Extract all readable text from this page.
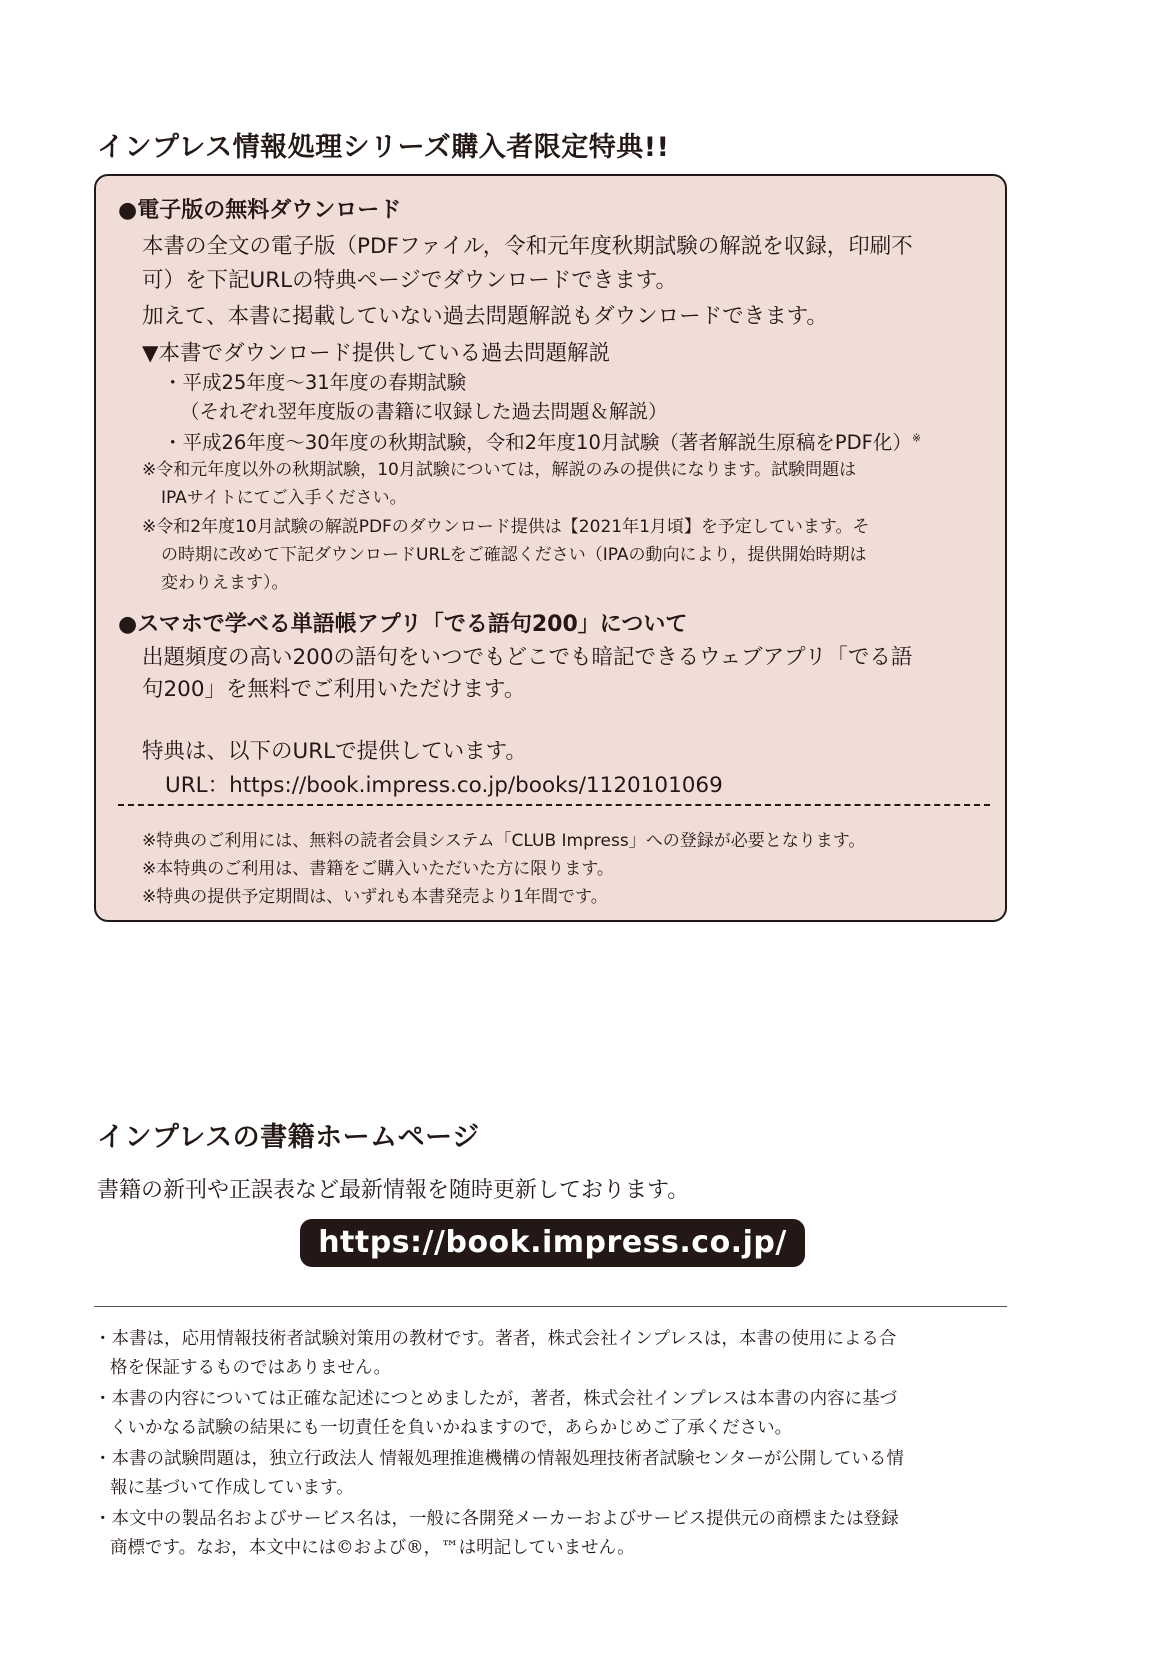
インプレス情報処理シリーズ購入者限定特典!!
●電子版の無料ダウンロード
本書の全文の電子版（PDFファイル，令和元年度秋期試験の解説を収録，印刷不
可）を下記URLの特典ページでダウンロードできます。
加えて、本書に掲載していない過去問題解説もダウンロードできます。
▼本書でダウンロード提供している過去問題解説
・平成25年度～31年度の春期試験
（それぞれ翌年度版の書籍に収録した過去問題＆解説）
・平成26年度～30年度の秋期試験，令和2年度10月試験（著者解説生原稿をPDF化）※
※令和元年度以外の秋期試験，10月試験については，解説のみの提供になります。試験問題は
IPAサイトにてご入手ください。
※令和2年度10月試験の解説PDFのダウンロード提供は【2021年1月頃】を予定しています。そ
の時期に改めて下記ダウンロードURLをご確認ください（IPAの動向により，提供開始時期は
変わりえます）。
●スマホで学べる単語帳アプリ「でる語句200」について
出題頻度の高い200の語句をいつでもどこでも暗記できるウェブアプリ「でる語
句200」を無料でご利用いただけます。
特典は、以下のURLで提供しています。
URL：https://book.impress.co.jp/books/1120101069
※特典のご利用には、無料の読者会員システム「CLUB Impress」への登録が必要となります。
※本特典のご利用は、書籍をご購入いただいた方に限ります。
※特典の提供予定期間は、いずれも本書発売より1年間です。
インプレスの書籍ホームページ
書籍の新刊や正誤表など最新情報を随時更新しております。
https://book.impress.co.jp/
・本書は，応用情報技術者試験対策用の教材です。著者，株式会社インプレスは，本書の使用による合
格を保証するものではありません。
・本書の内容については正確な記述につとめましたが，著者，株式会社インプレスは本書の内容に基づ
くいかなる試験の結果にも一切責任を負いかねますので，あらかじめご了承ください。
・本書の試験問題は，独立行政法人 情報処理推進機構の情報処理技術者試験センターが公開している情
報に基づいて作成しています。
・本文中の製品名およびサービス名は，一般に各開発メーカーおよびサービス提供元の商標または登録
商標です。なお，本文中には©および®，™は明記していません。
